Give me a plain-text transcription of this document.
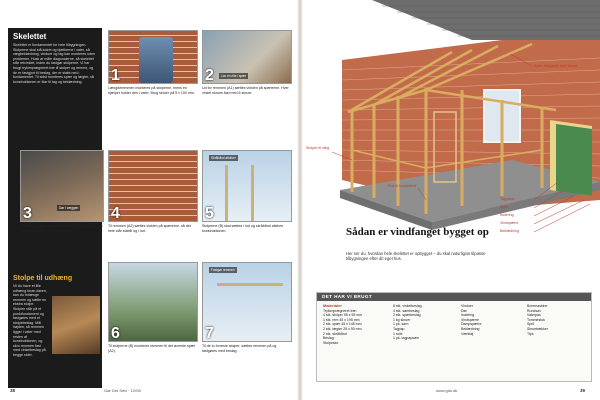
Skelettet
Skelettet er fundamentet for hele tilbygningen. Stolperne skal stå lodret og bjælkerne i vater, så vægbeklædning, vinduer og tag kan monteres uden problemer. Husk at måle diagonalerne, så skelettet står retvinklet, inden du fastgør stolperne. Vi har brugt trykimprægneret træ til stolper og remme, og de er fastgjort til beslag, der er støbt ned i fundamentet. Til sidst monteres spær og lægter, så konstruktionen er klar til tag og beklædning.
Stolpe til udhæng
Vil du have et lille udhæng foran døren, kan du forlænge remmen og sætte en ekstra stolpe. Stolpen står på et punktfundament og fastgøres med et stolpebeslag. Mål højden, så remmen ligger i vater med resten af konstruktionen, og skru remmen fast med vinkelbeslag på begge sider.
1
Længderemmen monteres på stolperne, mens en hjælper holder den i vater. Brug skruer på 5 x 100 mm.
2	Lav en rille i spær
Ud for remmen (A1) sættes vinklen på spærerne. Hver vinkel skrues fast med 6 skruer.
3	Dør i væggen
Til remmen, lige under spærene, skrues remmen på stolperne med 5 x 80 mm skruer.
4
Til remmen (A2) sættes vinklen på spærerne, så det hele står stabilt og i lod.
Skråbånd afstiver
5
Stolperne (B) skal sættes i lod og skråbånd afstiver konstruktionen.
6
Til stolperne (B) monteres remmen til det øverste spær (A2).
Fastgør remmen
7
Til de to forreste stolper, sættes remmen på og fastgøres med beslag.
38	Gør Det Selv · 12/08
Spær fastgøres med skruer
Stolper til væg
Klar til fundament
Tagplade
Spær
Isolering
Vindspærre
Beklædning
Sådan er vindfanget bygget op
Her ser du, hvordan hele skelettet er opbygget – du skal naturligvis tilpasse tilbygningen efter dit eget hus.
DET HAR VI BRUGT
Materialer
Trykimprægneret træ:
4 stk. stolper 95 x 95 mm
1 stk. rem 45 x 195 mm
2 stk. spær 45 x 145 mm
2 stk. lægter 25 x 50 mm
2 stk. skråbånd
Beslag:
Stolpesko
8 stk. vinkelbeslag
4 stk. sømbeslag
2 stk. spærbeslag
1 kg skruer
1 pk. søm
Tagpap
1 rulle
1 pk. tagpapsøm
Vinduer
Dør
Isolering
Vindspærre
Dampspærre
Beklædning
Værktøj
Boremaskine
Rundsav
Vaterpas
Tommestok
Sprit
Skruetrækker
Tips
www.gds.dk	39
